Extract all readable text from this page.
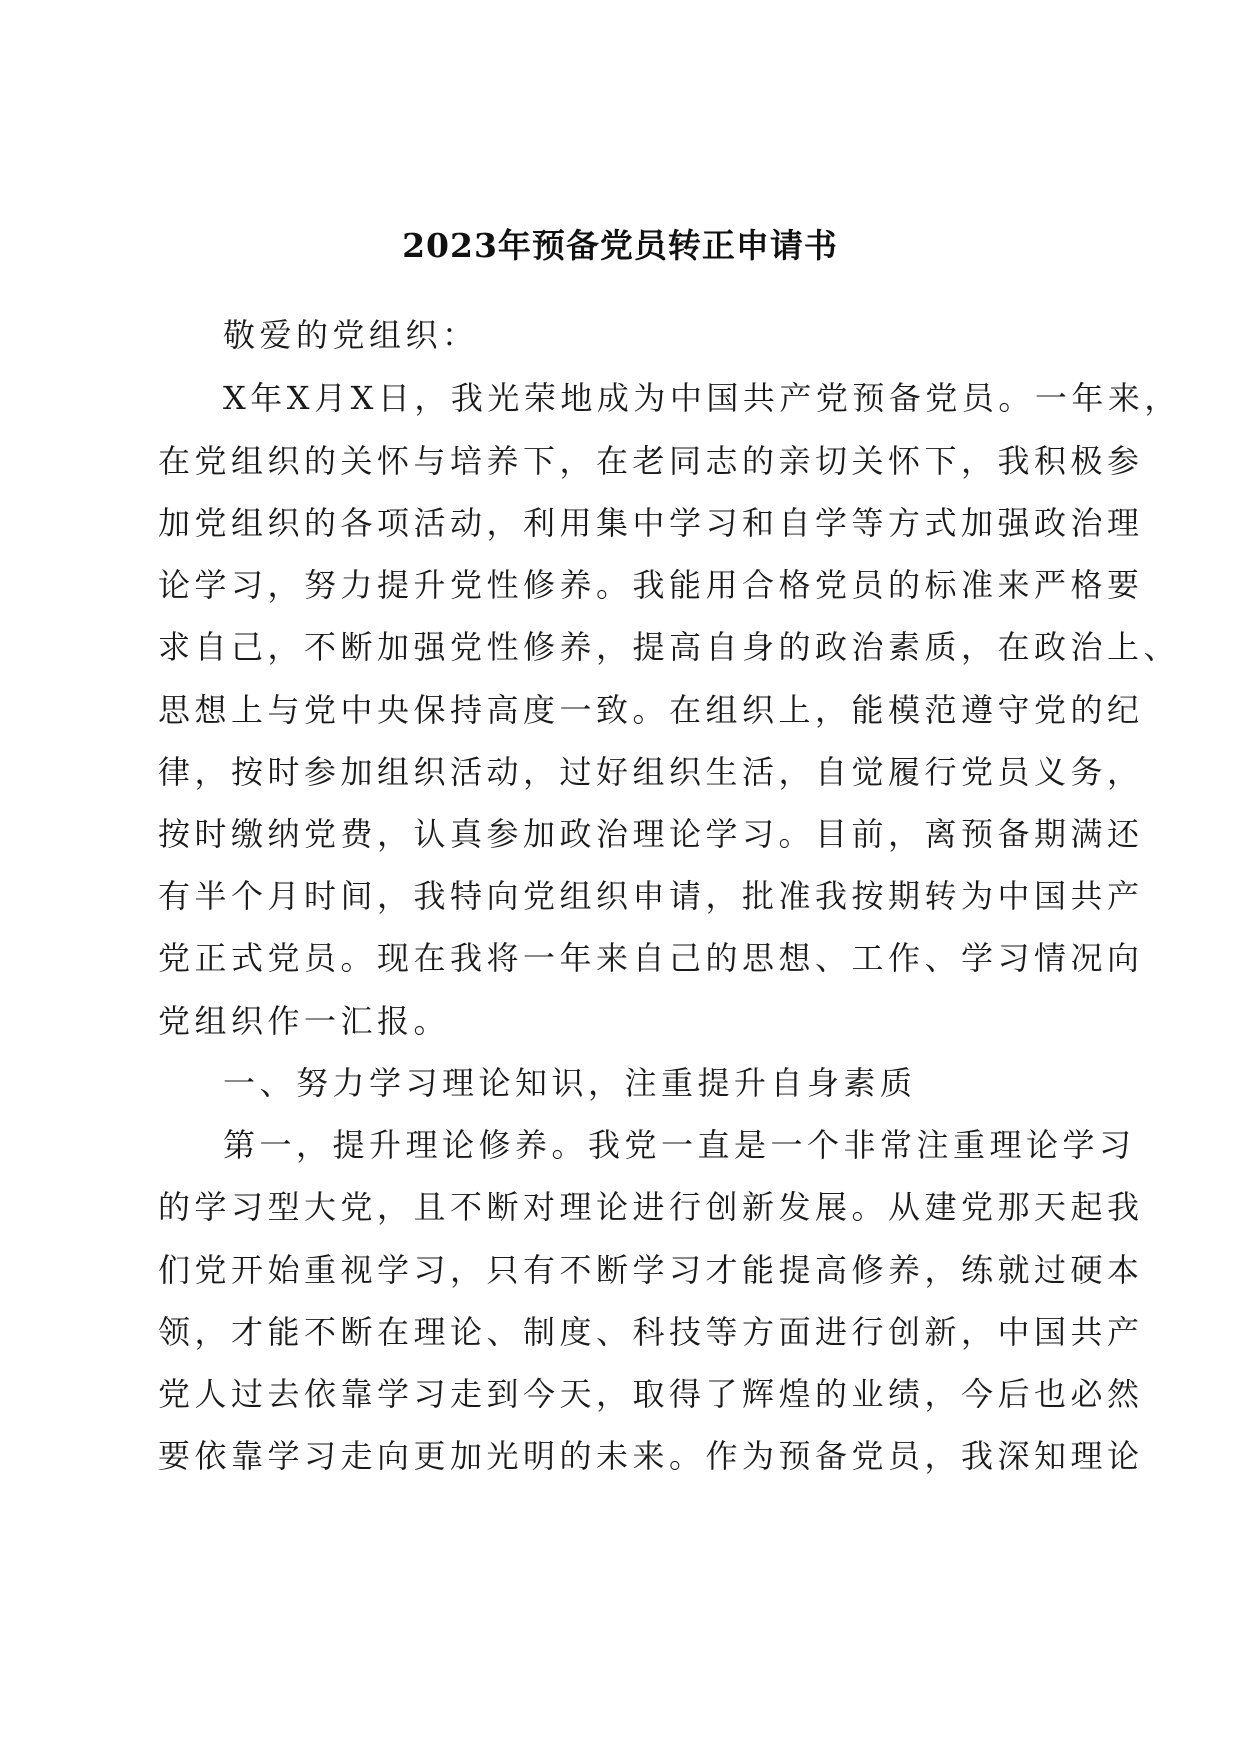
2023年预备党员转正申请书
敬爱的党组织：
X年X月X日，我光荣地成为中国共产党预备党员。一年来，
在党组织的关怀与培养下，在老同志的亲切关怀下，我积极参
加党组织的各项活动，利用集中学习和自学等方式加强政治理
论学习，努力提升党性修养。我能用合格党员的标准来严格要
求自己，不断加强党性修养，提高自身的政治素质，在政治上、
思想上与党中央保持高度一致。在组织上，能模范遵守党的纪
律，按时参加组织活动，过好组织生活，自觉履行党员义务，
按时缴纳党费，认真参加政治理论学习。目前，离预备期满还
有半个月时间，我特向党组织申请，批准我按期转为中国共产
党正式党员。现在我将一年来自己的思想、工作、学习情况向
党组织作一汇报。
一、努力学习理论知识，注重提升自身素质
第一，提升理论修养。我党一直是一个非常注重理论学习
的学习型大党，且不断对理论进行创新发展。从建党那天起我
们党开始重视学习，只有不断学习才能提高修养，练就过硬本
领，才能不断在理论、制度、科技等方面进行创新，中国共产
党人过去依靠学习走到今天，取得了辉煌的业绩，今后也必然
要依靠学习走向更加光明的未来。作为预备党员，我深知理论
